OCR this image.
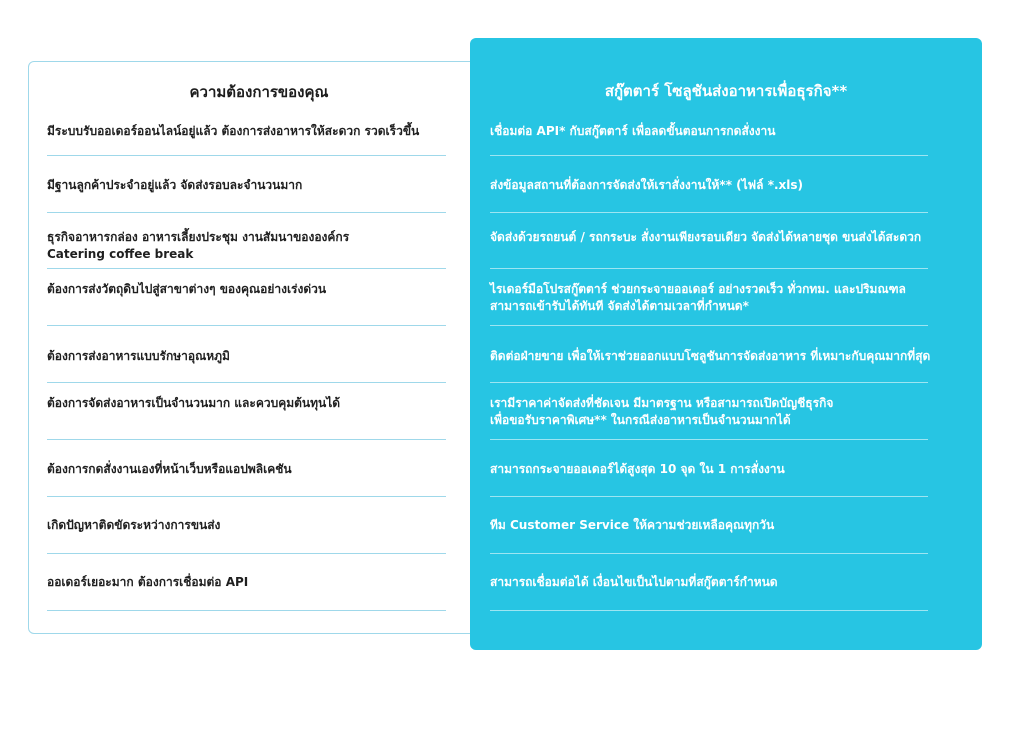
ความต้องการของคุณ	สกู๊ตตาร์ โซลูชันส่งอาหารเพื่อธุรกิจ**
มีระบบรับออเดอร์ออนไลน์อยู่แล้ว ต้องการส่งอาหารให้สะดวก รวดเร็วขึ้น
มีฐานลูกค้าประจำอยู่แล้ว จัดส่งรอบละจำนวนมาก
ธุรกิจอาหารกล่อง อาหารเลี้ยงประชุม งานสัมนาขององค์กร
Catering coffee break
ต้องการส่งวัตถุดิบไปสู่สาขาต่างๆ ของคุณอย่างเร่งด่วน
ต้องการส่งอาหารแบบรักษาอุณหภูมิ
ต้องการจัดส่งอาหารเป็นจำนวนมาก และควบคุมต้นทุนได้
ต้องการกดสั่งงานเองที่หน้าเว็บหรือแอปพลิเคชัน
เกิดปัญหาติดขัดระหว่างการขนส่ง
ออเดอร์เยอะมาก ต้องการเชื่อมต่อ API
เชื่อมต่อ API* กับสกู๊ตตาร์ เพื่อลดขั้นตอนการกดสั่งงาน
ส่งข้อมูลสถานที่ต้องการจัดส่งให้เราสั่งงานให้** (ไฟล์ *.xls)
จัดส่งด้วยรถยนต์ / รถกระบะ สั่งงานเพียงรอบเดียว จัดส่งได้หลายชุด ขนส่งได้สะดวก
ไรเดอร์มือโปรสกู๊ตตาร์ ช่วยกระจายออเดอร์ อย่างรวดเร็ว ทั่วกทม. และปริมณฑล
สามารถเข้ารับได้ทันที จัดส่งได้ตามเวลาที่กำหนด*
ติดต่อฝ่ายขาย เพื่อให้เราช่วยออกแบบโซลูชันการจัดส่งอาหาร ที่เหมาะกับคุณมากที่สุด
เรามีราคาค่าจัดส่งที่ชัดเจน มีมาตรฐาน หรือสามารถเปิดบัญชีธุรกิจ
เพื่อขอรับราคาพิเศษ** ในกรณีส่งอาหารเป็นจำนวนมากได้
สามารถกระจายออเดอร์ได้สูงสุด 10 จุด ใน 1 การสั่งงาน
ทีม Customer Service ให้ความช่วยเหลือคุณทุกวัน
สามารถเชื่อมต่อได้ เงื่อนไขเป็นไปตามที่สกู๊ตตาร์กำหนด
